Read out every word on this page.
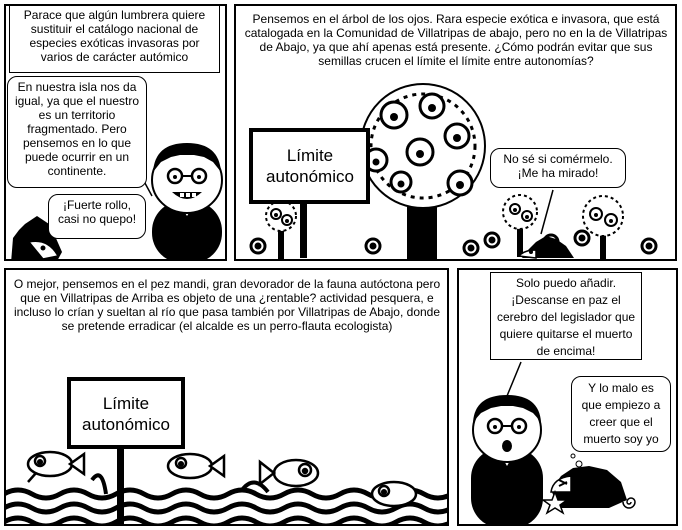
Parace que algún lumbrera quiere sustituir el catálogo nacional de especies exóticas invasoras por varios de carácter autómico
En nuestra isla nos da igual, ya que el nuestro es un territorio fragmentado. Pero pensemos en lo que puede ocurrir en un continente.
¡Fuerte rollo, casi no quepo!
Pensemos en el árbol de los ojos. Rara especie exótica e invasora, que está catalogada en la Comunidad de Villatripas de abajo, pero no en la de Villatripas de Abajo, ya que ahí apenas está presente. ¿Cómo podrán evitar que sus semillas crucen el límite el límite entre autonomías?
Límite autonómico
No sé si comérmelo. ¡Me ha mirado!
O mejor, pensemos en el pez mandi, gran devorador de la fauna autóctona pero que en Villatripas de Arriba es objeto de una ¿rentable? actividad pesquera, e incluso lo crían y sueltan al río que pasa también por Villatripas de Abajo, donde se pretende erradicar (el alcalde es un perro-flauta ecologista)
Límite autonómico
Solo puedo añadir. ¡Descanse en paz el cerebro del legislador que quiere quitarse el muerto de encima!
Y lo malo es que empiezo a creer que el muerto soy yo
